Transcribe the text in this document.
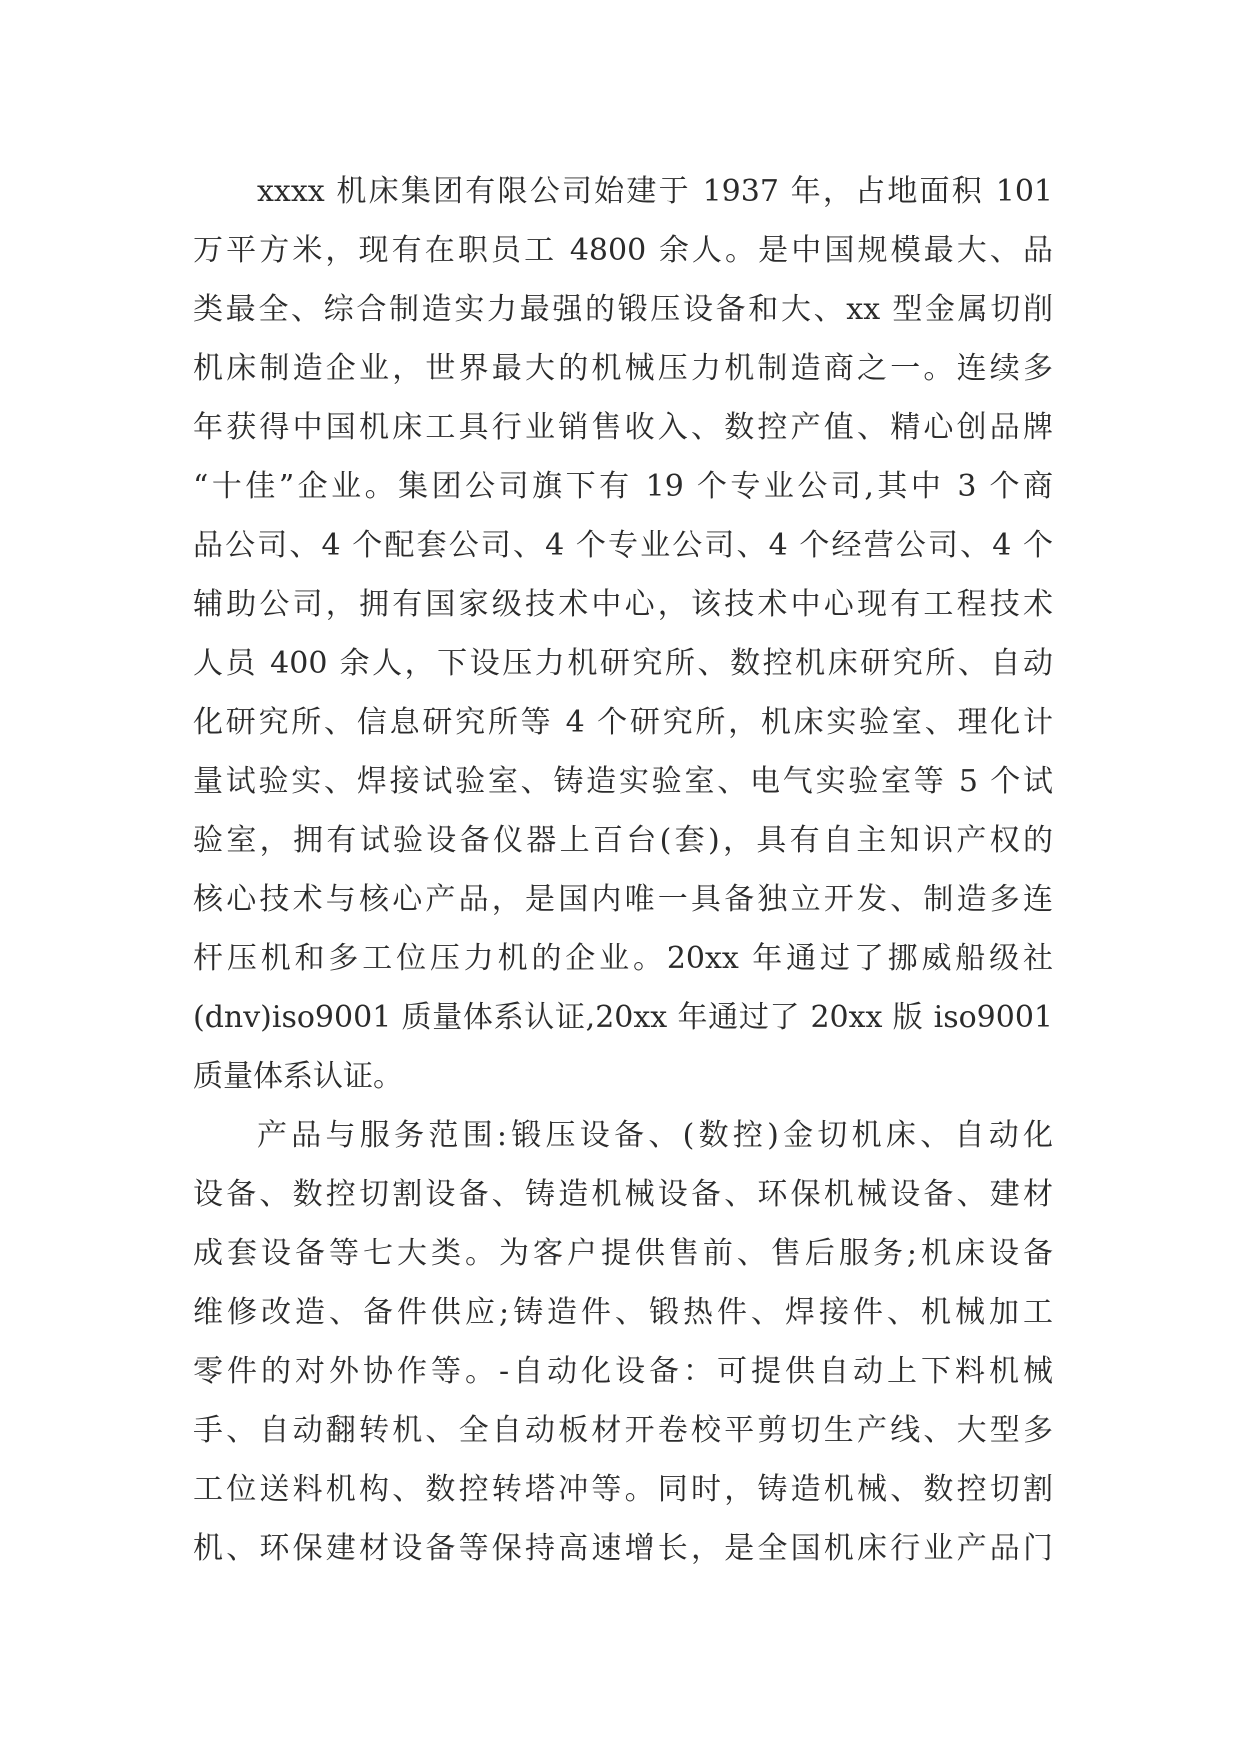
xxxx 机床集团有限公司始建于 1937 年，占地面积 101
万平方米，现有在职员工 4800 余人。是中国规模最大、品
类最全、综合制造实力最强的锻压设备和大、xx 型金属切削
机床制造企业，世界最大的机械压力机制造商之一。连续多
年获得中国机床工具行业销售收入、数控产值、精心创品牌
“十佳”企业。集团公司旗下有 19 个专业公司,其中 3 个商
品公司、4 个配套公司、4 个专业公司、4 个经营公司、4 个
辅助公司，拥有国家级技术中心，该技术中心现有工程技术
人员 400 余人，下设压力机研究所、数控机床研究所、自动
化研究所、信息研究所等 4 个研究所，机床实验室、理化计
量试验实、焊接试验室、铸造实验室、电气实验室等 5 个试
验室，拥有试验设备仪器上百台(套)，具有自主知识产权的
核心技术与核心产品，是国内唯一具备独立开发、制造多连
杆压机和多工位压力机的企业。20xx 年通过了挪威船级社
(dnv)iso9001 质量体系认证,20xx 年通过了 20xx 版 iso9001
质量体系认证。
产品与服务范围:锻压设备、(数控)金切机床、自动化
设备、数控切割设备、铸造机械设备、环保机械设备、建材
成套设备等七大类。为客户提供售前、售后服务;机床设备
维修改造、备件供应;铸造件、锻热件、焊接件、机械加工
零件的对外协作等。-自动化设备：可提供自动上下料机械
手、自动翻转机、全自动板材开卷校平剪切生产线、大型多
工位送料机构、数控转塔冲等。同时，铸造机械、数控切割
机、环保建材设备等保持高速增长，是全国机床行业产品门
